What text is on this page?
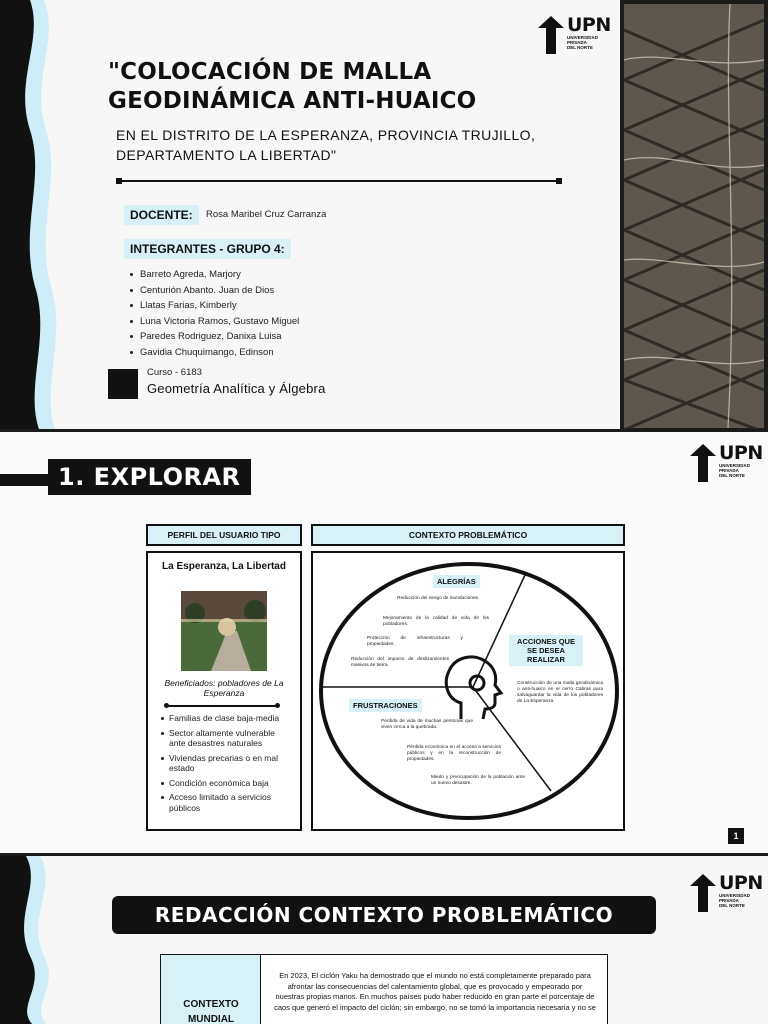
UPN
UNIVERSIDAD
PRIVADA
DEL NORTE
"COLOCACIÓN DE MALLA GEODINÁMICA ANTI-HUAICO

EN EL DISTRITO DE LA ESPERANZA, PROVINCIA TRUJILLO, DEPARTAMENTO LA LIBERTAD"

DOCENTE:	Rosa Maribel Cruz Carranza
INTEGRANTES - GRUPO 4:
Barreto Agreda, Marjory
Centurión Abanto. Juan de Dios
Llatas Farias, Kimberly
Luna Victoria Ramos, Gustavo Miguel
Paredes Rodriguez, Danixa Luisa
Gavidia Chuquimango, Edinson
Curso - 6183
Geometría Analítica y Álgebra
1. EXPLORAR
UPN
UNIVERSIDAD
PRIVADA
DEL NORTE
PERFIL DEL USUARIO TIPO	CONTEXTO PROBLEMÁTICO
La Esperanza, La Libertad
Beneficiados: pobladores de La Esperanza
Familias de clase baja-media
Sector altamente vulnerable ante desastres naturales
Viviendas precarias o en mal estado
Condición económica baja
Acceso limitado a servicios públicos
ALEGRÍAS
Reducción del riesgo de inundaciones.
Mejoramiento de la calidad de vida de los pobladores.
Protección de infraestructuras y propiedades.
Reducción del impacto de deslizamientos masivos de tierra.
ACCIONES QUE SE DESEA REALIZAR
Construcción de una malla geodinámica o anti-huaico en el cerro Cabras para salvaguardar la vida de los pobladores de La Esperanza.
FRUSTRACIONES
Perdida de vida de muchas personas que viven cerca a la quebrada.
Pérdida económica en el acceso a servicios públicos y en la reconstrucción de propiedades.
Miedo y preocupación de la población ante un nuevo desastre.
1
UPN
UNIVERSIDAD
PRIVADA
DEL NORTE
REDACCIÓN CONTEXTO PROBLEMÁTICO
CONTEXTO MUNDIAL

En 2023, El ciclón Yaku ha demostrado que el mundo no está completamente preparado para afrontar las consecuencias del calentamiento global, que es provocado y empeorado por nuestras propias manos. En muchos países pudo haber reducido en gran parte el porcentaje de caos que generó el impacto del ciclón; sin embargo, no se tomó la importancia necesaria y no se
